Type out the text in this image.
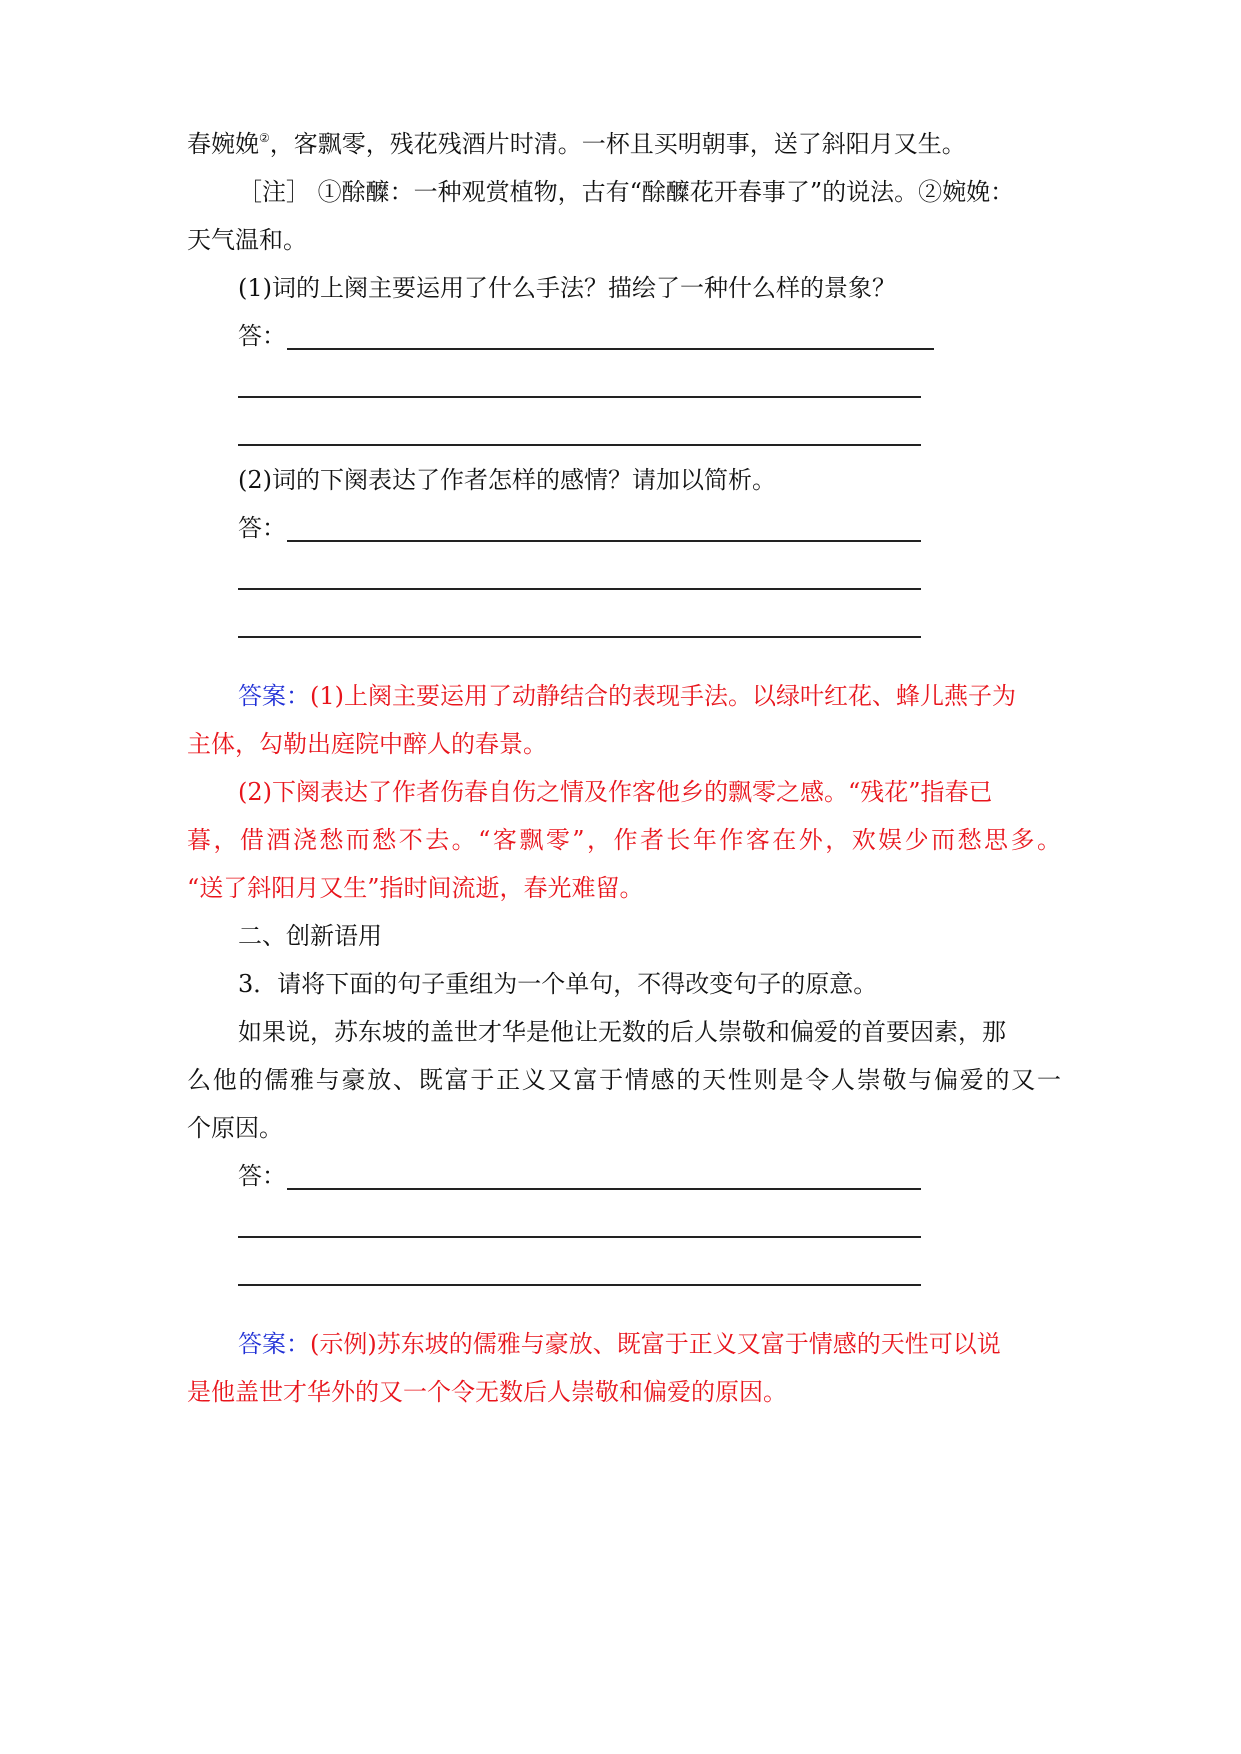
春婉娩②，客飘零，残花残酒片时清。一杯且买明朝事，送了斜阳月又生。
［注］ ①酴醾：一种观赏植物，古有“酴醾花开春事了”的说法。②婉娩：
天气温和。
(1)词的上阕主要运用了什么手法？描绘了一种什么样的景象？
答：
(2)词的下阕表达了作者怎样的感情？请加以简析。
答：
答案：(1)上阕主要运用了动静结合的表现手法。以绿叶红花、蜂儿燕子为
主体，勾勒出庭院中醉人的春景。
(2)下阕表达了作者伤春自伤之情及作客他乡的飘零之感。“残花”指春已
暮，借酒浇愁而愁不去。“客飘零”，作者长年作客在外，欢娱少而愁思多。
“送了斜阳月又生”指时间流逝，春光难留。
二、创新语用
3．请将下面的句子重组为一个单句，不得改变句子的原意。
如果说，苏东坡的盖世才华是他让无数的后人崇敬和偏爱的首要因素，那
么他的儒雅与豪放、既富于正义又富于情感的天性则是令人崇敬与偏爱的又一
个原因。
答：
答案：(示例)苏东坡的儒雅与豪放、既富于正义又富于情感的天性可以说
是他盖世才华外的又一个令无数后人崇敬和偏爱的原因。
